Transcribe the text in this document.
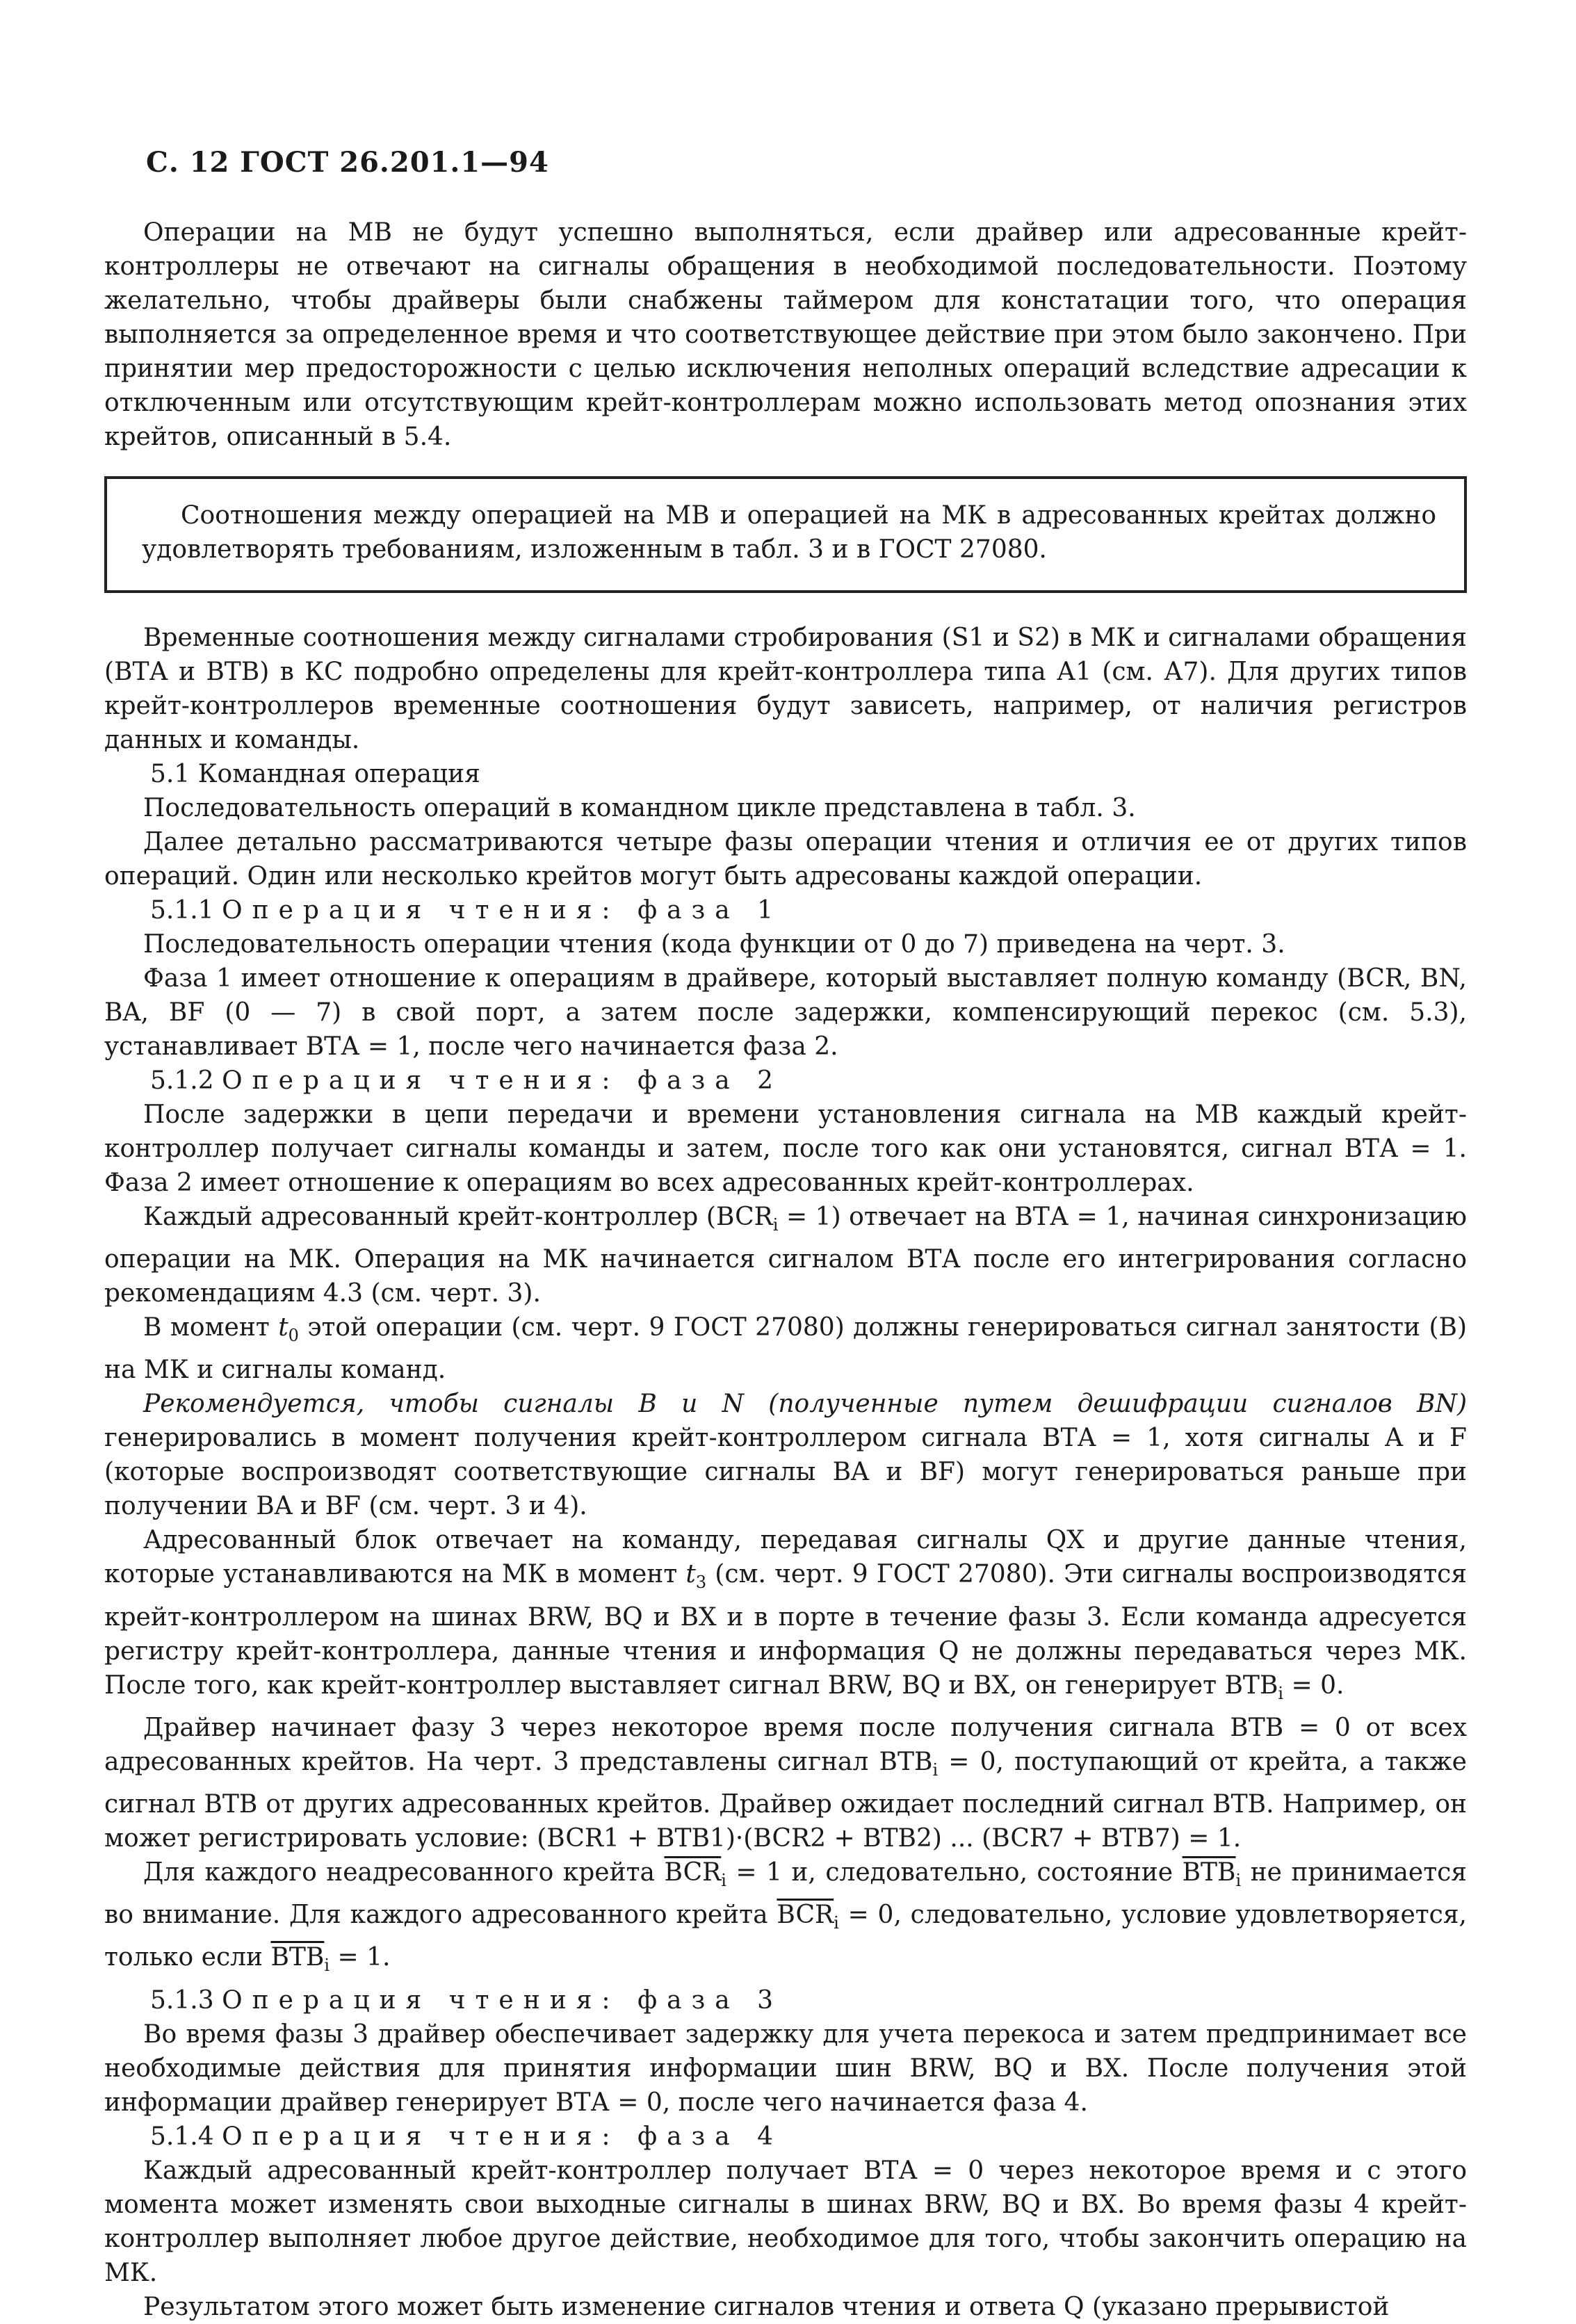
С. 12 ГОСТ 26.201.1—94

Операции на МВ не будут успешно выполняться, если драйвер или адресованные крейт-контроллеры не отвечают на сигналы обращения в необходимой последовательности. Поэтому желательно, чтобы драйверы были снабжены таймером для констатации того, что операция выполняется за определенное время и что соответствующее действие при этом было закончено. При принятии мер предосторожности с целью исключения неполных операций вследствие адресации к отключенным или отсутствующим крейт-контроллерам можно использовать метод опознания этих крейтов, описанный в 5.4.

Соотношения между операцией на МВ и операцией на МК в адресованных крейтах должно удовлетворять требованиям, изложенным в табл. 3 и в ГОСТ 27080.

Временные соотношения между сигналами стробирования (S1 и S2) в МК и сигналами обращения (ВТА и ВТВ) в КС подробно определены для крейт-контроллера типа А1 (см. А7). Для других типов крейт-контроллеров временные соотношения будут зависеть, например, от наличия регистров данных и команды.

5.1 Командная операция

Последовательность операций в командном цикле представлена в табл. 3.

Далее детально рассматриваются четыре фазы операции чтения и отличия ее от других типов операций. Один или несколько крейтов могут быть адресованы каждой операции.

5.1.1 Операция чтения: фаза 1

Последовательность операции чтения (кода функции от 0 до 7) приведена на черт. 3.

Фаза 1 имеет отношение к операциям в драйвере, который выставляет полную команду (BCR, BN, BA, BF (0 — 7) в свой порт, а затем после задержки, компенсирующий перекос (см. 5.3), устанавливает ВТА = 1, после чего начинается фаза 2.

5.1.2 Операция чтения: фаза 2

После задержки в цепи передачи и времени установления сигнала на МВ каждый крейт-контроллер получает сигналы команды и затем, после того как они установятся, сигнал ВТА = 1. Фаза 2 имеет отношение к операциям во всех адресованных крейт-контроллерах.

Каждый адресованный крейт-контроллер $(BCR_i = 1)$ отвечает на ВТА = 1, начиная синхронизацию операции на МК. Операция на МК начинается сигналом ВТА после его интегрирования согласно рекомендациям 4.3 (см. черт. 3).

В момент $t_0$ этой операции (см. черт. 9 ГОСТ 27080) должны генерироваться сигнал занятости (В) на МК и сигналы команд.

Рекомендуется, чтобы сигналы В и N (полученные путем дешифрации сигналов BN) генерировались в момент получения крейт-контроллером сигнала ВТА = 1, хотя сигналы А и F (которые воспроизводят соответствующие сигналы BA и BF) могут генерироваться раньше при получении BA и BF (см. черт. 3 и 4).

Адресованный блок отвечает на команду, передавая сигналы QX и другие данные чтения, которые устанавливаются на МК в момент $t_3$ (см. черт. 9 ГОСТ 27080). Эти сигналы воспроизводятся крейт-контроллером на шинах BRW, BQ и BX и в порте в течение фазы 3. Если команда адресуется регистру крейт-контроллера, данные чтения и информация Q не должны передаваться через МК. После того, как крейт-контроллер выставляет сигнал BRW, BQ и BX, он генерирует $BTB_i = 0$.

Драйвер начинает фазу 3 через некоторое время после получения сигнала ВТВ = 0 от всех адресованных крейтов. На черт. 3 представлены сигнал $BTB_i = 0$, поступающий от крейта, а также сигнал ВТВ от других адресованных крейтов. Драйвер ожидает последний сигнал ВТВ. Например, он может регистрировать условие: (BCR1 + BTB1)·(BCR2 + BTB2) ... (BCR7 + BTB7) = 1.

Для каждого неадресованного крейта $\overline{BCR}_i = 1$ и, следовательно, состояние $\overline{BTB}_i$ не принимается во внимание. Для каждого адресованного крейта $\overline{BCR}_i = 0$, следовательно, условие удовлетворяется, только если $\overline{BTB}_i = 1$.

5.1.3 Операция чтения: фаза 3

Во время фазы 3 драйвер обеспечивает задержку для учета перекоса и затем предпринимает все необходимые действия для принятия информации шин BRW, BQ и BX. После получения этой информации драйвер генерирует ВТА = 0, после чего начинается фаза 4.

5.1.4 Операция чтения: фаза 4

Каждый адресованный крейт-контроллер получает ВТА = 0 через некоторое время и с этого момента может изменять свои выходные сигналы в шинах BRW, BQ и BX. Во время фазы 4 крейт-контроллер выполняет любое другое действие, необходимое для того, чтобы закончить операцию на МК.

Результатом этого может быть изменение сигналов чтения и ответа Q (указано прерывистой
